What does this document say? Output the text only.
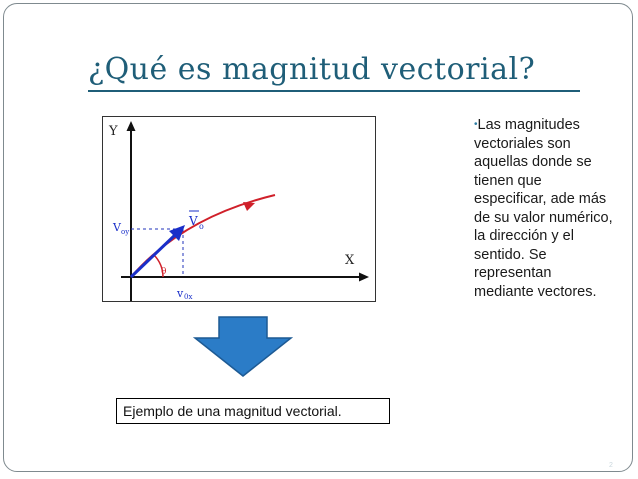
¿Qué es magnitud vectorial?
Y
X
θ
V o
V oy
v 0x
•Las magnitudes vectoriales son aquellas donde se tienen que especificar, ade más de su valor numérico, la dirección y el sentido. Se representan mediante vectores.
Ejemplo de una magnitud vectorial.
2
